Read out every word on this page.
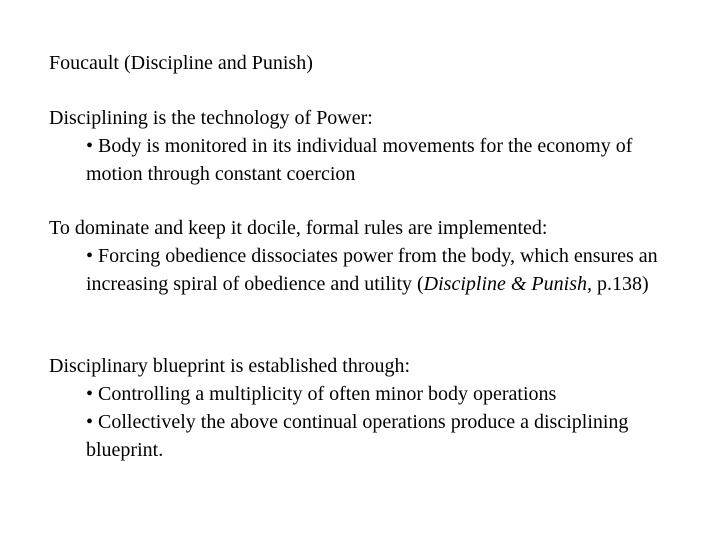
Foucault (Discipline and Punish)
Disciplining is the technology of Power:
• Body is monitored in its individual movements for the economy of motion through constant coercion
To dominate and keep it docile, formal rules are implemented:
• Forcing obedience dissociates power from the body, which ensures an increasing spiral of obedience and utility (Discipline & Punish, p.138)
Disciplinary blueprint is established through:
• Controlling a multiplicity of often minor body operations
• Collectively the above continual operations produce a disciplining blueprint.
